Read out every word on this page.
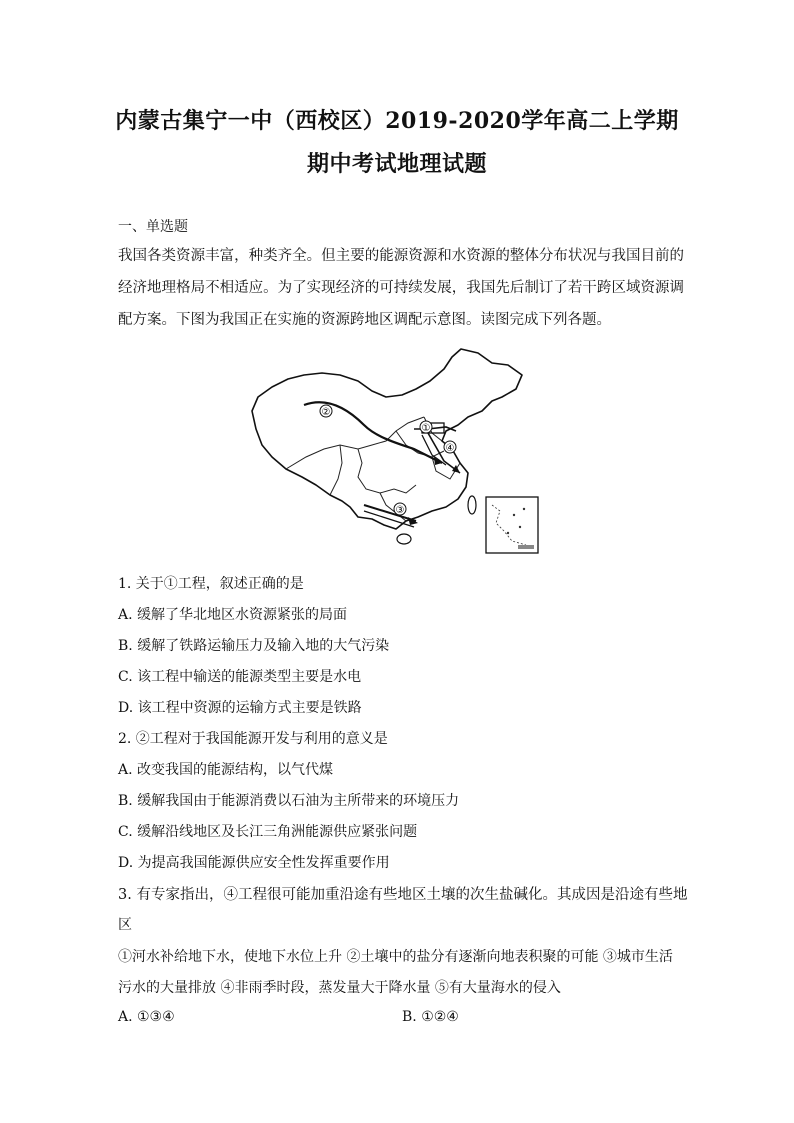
内蒙古集宁一中（西校区）2019-2020学年高二上学期
期中考试地理试题
一、单选题
我国各类资源丰富，种类齐全。但主要的能源资源和水资源的整体分布状况与我国目前的经济地理格局不相适应。为了实现经济的可持续发展，我国先后制订了若干跨区域资源调配方案。下图为我国正在实施的资源跨地区调配示意图。读图完成下列各题。
②
①
④
③
1. 关于①工程，叙述正确的是
A. 缓解了华北地区水资源紧张的局面
B. 缓解了铁路运输压力及输入地的大气污染
C. 该工程中输送的能源类型主要是水电
D. 该工程中资源的运输方式主要是铁路
2. ②工程对于我国能源开发与利用的意义是
A. 改变我国的能源结构，以气代煤
B. 缓解我国由于能源消费以石油为主所带来的环境压力
C. 缓解沿线地区及长江三角洲能源供应紧张问题
D. 为提高我国能源供应安全性发挥重要作用
3. 有专家指出，④工程很可能加重沿途有些地区土壤的次生盐碱化。其成因是沿途有些地
区
①河水补给地下水，使地下水位上升 ②土壤中的盐分有逐渐向地表积聚的可能 ③城市生活
污水的大量排放 ④非雨季时段，蒸发量大于降水量 ⑤有大量海水的侵入
A. ①③④	B. ①②④
